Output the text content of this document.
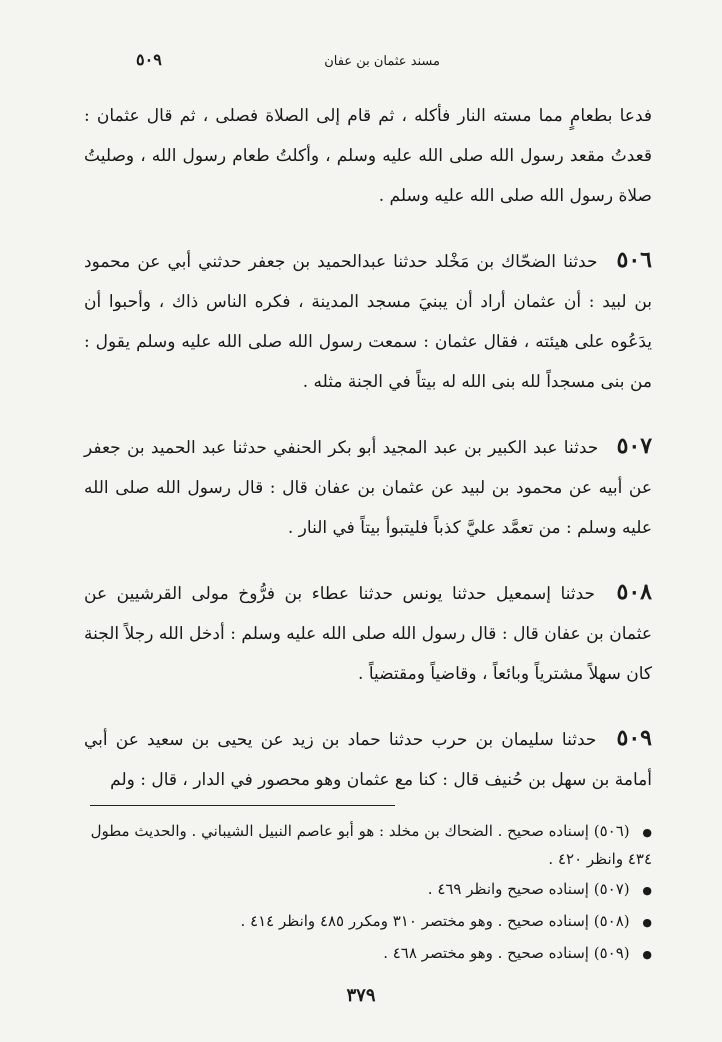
مسند عثمان بن عفان
٥٠٩

فدعا بطعامٍ مما مسته النار فأكله ، ثم قام إلى الصلاة فصلى ، ثم قال عثمان : قعدتُ مقعد رسول الله صلى الله عليه وسلم ، وأكلتُ طعام رسول الله ، وصليتُ صلاة رسول الله صلى الله عليه وسلم .

٥٠٦ حدثنا الضحّاك بن مَخْلد حدثنا عبدالحميد بن جعفر حدثني أبي عن محمود بن لبيد : أن عثمان أراد أن يبنيَ مسجد المدينة ، فكره الناس ذاك ، وأحبوا أن يدَعُوه على هيئته ، فقال عثمان : سمعت رسول الله صلى الله عليه وسلم يقول : من بنى مسجداً لله بنى الله له بيتاً في الجنة مثله .

٥٠٧ حدثنا عبد الكبير بن عبد المجيد أبو بكر الحنفي حدثنا عبد الحميد بن جعفر عن أبيه عن محمود بن لبيد عن عثمان بن عفان قال : قال رسول الله صلى الله عليه وسلم : من تعمَّد عليَّ كذباً فليتبوأ بيتاً في النار .

٥٠٨ حدثنا إسمعيل حدثنا يونس حدثنا عطاء بن فرُّوخ مولى القرشيين عن عثمان بن عفان قال : قال رسول الله صلى الله عليه وسلم : أدخل الله رجلاً الجنة كان سهلاً مشترياً وبائعاً ، وقاضياً ومقتضياً .

٥٠٩ حدثنا سليمان بن حرب حدثنا حماد بن زيد عن يحيى بن سعيد عن أبي أمامة بن سهل بن حُنيف قال : كنا مع عثمان وهو محصور في الدار ، قال : ولم

● (٥٠٦) إسناده صحيح . الضحاك بن مخلد : هو أبو عاصم النبيل الشيباني . والحديث مطول ٤٣٤ وانظر ٤٢٠ .

● (٥٠٧) إسناده صحيح وانظر ٤٦٩ .

● (٥٠٨) إسناده صحيح . وهو مختصر ٣١٠ ومكرر ٤٨٥ وانظر ٤١٤ .

● (٥٠٩) إسناده صحيح . وهو مختصر ٤٦٨ .

٣٧٩
